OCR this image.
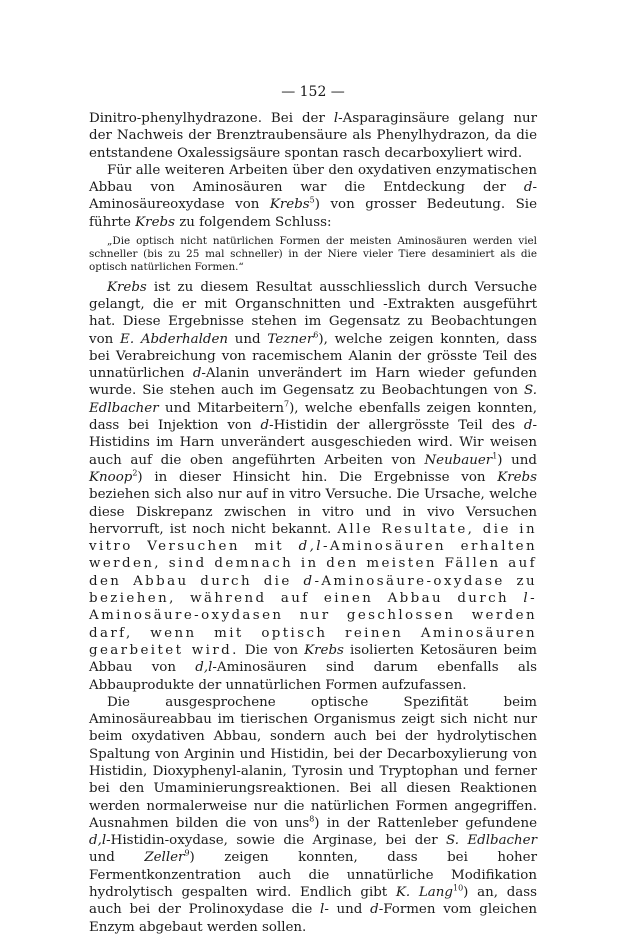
— 152 —

Dinitro-phenylhydrazone. Bei der l-Asparaginsäure gelang nur der Nachweis der Brenztraubensäure als Phenylhydrazon, da die entstandene Oxalessigsäure spontan rasch decarboxyliert wird.

Für alle weiteren Arbeiten über den oxydativen enzymatischen Abbau von Aminosäuren war die Entdeckung der d-Aminosäureoxydase von Krebs$^5$) von grosser Bedeutung. Sie führte Krebs zu folgendem Schluss:

„Die optisch nicht natürlichen Formen der meisten Aminosäuren werden viel schneller (bis zu 25 mal schneller) in der Niere vieler Tiere desaminiert als die optisch natürlichen Formen.“

Krebs ist zu diesem Resultat ausschliesslich durch Versuche gelangt, die er mit Organschnitten und -Extrakten ausgeführt hat. Diese Ergebnisse stehen im Gegensatz zu Beobachtungen von E. Abderhalden und Tezner$^6$), welche zeigen konnten, dass bei Verabreichung von racemischem Alanin der grösste Teil des unnatürlichen d-Alanin unverändert im Harn wieder gefunden wurde. Sie stehen auch im Gegensatz zu Beobachtungen von S. Edlbacher und Mitarbeitern$^7$), welche ebenfalls zeigen konnten, dass bei Injektion von d-Histidin der allergrösste Teil des d-Histidins im Harn unverändert ausgeschieden wird. Wir weisen auch auf die oben angeführten Arbeiten von Neubauer$^1$) und Knoop$^2$) in dieser Hinsicht hin. Die Ergebnisse von Krebs beziehen sich also nur auf in vitro Versuche. Die Ursache, welche diese Diskrepanz zwischen in vitro und in vivo Versuchen hervorruft, ist noch nicht bekannt. Alle Resultate, die in vitro Versuchen mit d,l-Aminosäuren erhalten werden, sind demnach in den meisten Fällen auf den Abbau durch die d-Aminosäure-oxydase zu beziehen, während auf einen Abbau durch l-Aminosäure-oxydasen nur geschlossen werden darf, wenn mit optisch reinen Aminosäuren gearbeitet wird. Die von Krebs isolierten Ketosäuren beim Abbau von d,l-Aminosäuren sind darum ebenfalls als Abbauprodukte der unnatürlichen Formen aufzufassen.

Die ausgesprochene optische Spezifität beim Aminosäureabbau im tierischen Organismus zeigt sich nicht nur beim oxydativen Abbau, sondern auch bei der hydrolytischen Spaltung von Arginin und Histidin, bei der Decarboxylierung von Histidin, Dioxyphenyl-alanin, Tyrosin und Tryptophan und ferner bei den Umaminierungsreaktionen. Bei all diesen Reaktionen werden normalerweise nur die natürlichen Formen angegriffen. Ausnahmen bilden die von uns$^8$) in der Rattenleber gefundene d,l-Histidin-oxydase, sowie die Arginase, bei der S. Edlbacher und Zeller$^9$) zeigen konnten, dass bei hoher Fermentkonzentration auch die unnatürliche Modifikation hydrolytisch gespalten wird. Endlich gibt K. Lang$^{10}$) an, dass auch bei der Prolinoxydase die l- und d-Formen vom gleichen Enzym abgebaut werden sollen.
